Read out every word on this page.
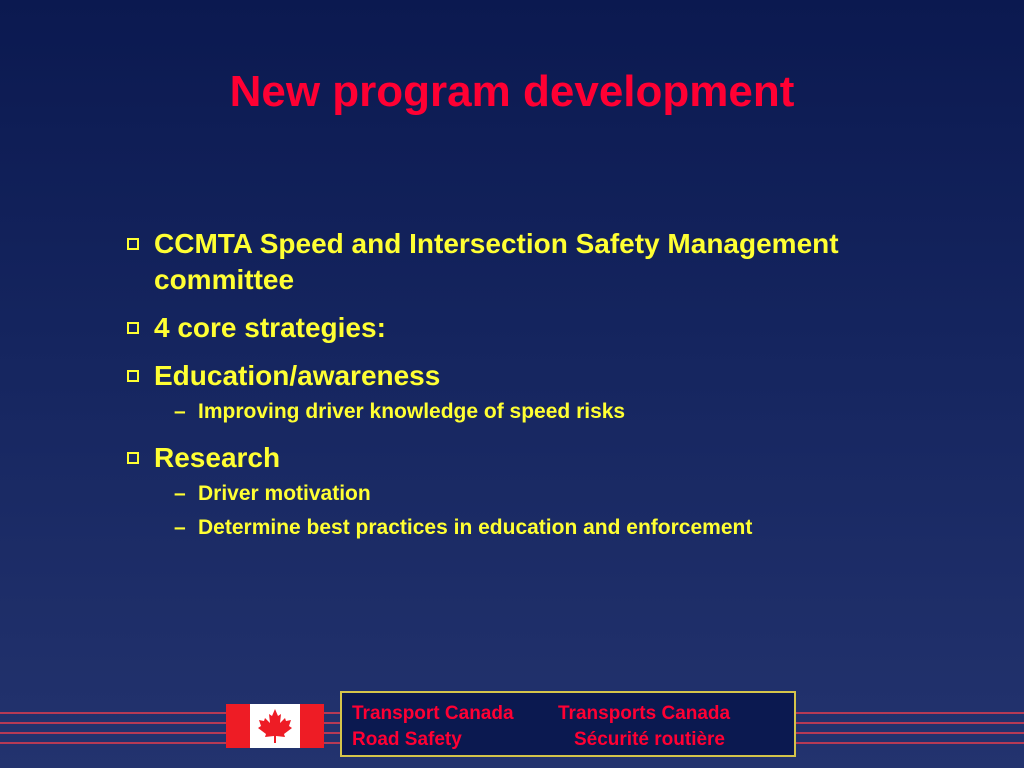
New program development
CCMTA Speed and Intersection Safety Management committee
4 core strategies:
Education/awareness
– Improving driver knowledge of speed risks
Research
– Driver motivation
– Determine best practices in education and enforcement
Transport Canada
Road Safety
Transports Canada
Sécurité routière
